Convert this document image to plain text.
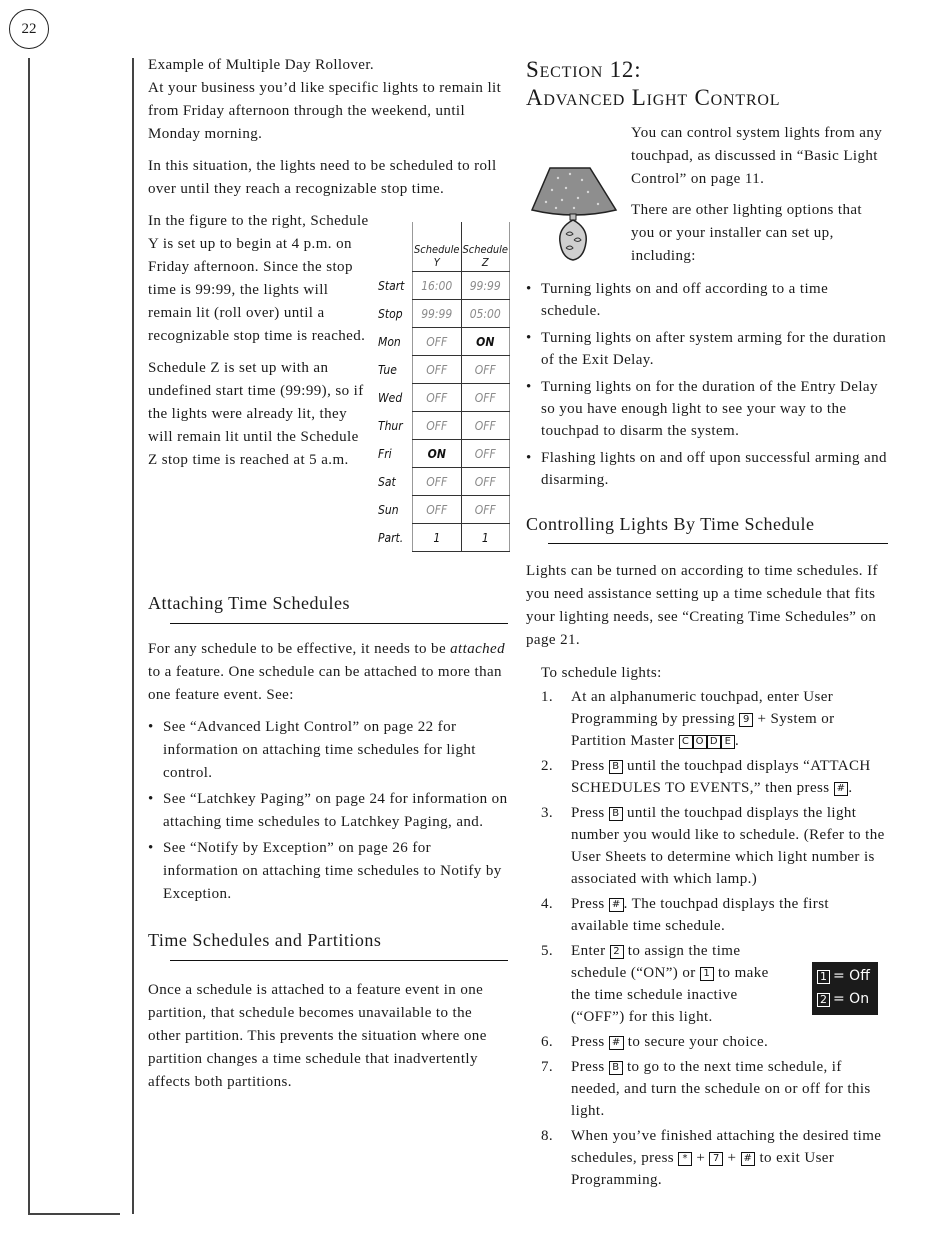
22

Example of Multiple Day Rollover.

At your business you’d like specific lights to remain lit from Friday afternoon through the weekend, until Monday morning.

In this situation, the lights need to be scheduled to roll over until they reach a recognizable stop time.

In the figure to the right, Schedule Y is set up to begin at 4 p.m. on Friday afternoon. Since the stop time is 99:99, the lights will remain lit (roll over) until a recognizable stop time is reached.

Schedule Z is set up with an undefined start time (99:99), so if the lights were already lit, they will remain lit until the Schedule Z stop time is reached at 5 a.m.

Attaching Time Schedules

For any schedule to be effective, it needs to be attached to a feature. One schedule can be attached to more than one feature event. See:

• See “Advanced Light Control” on page 22 for information on attaching time schedules for light control.
• See “Latchkey Paging” on page 24 for information on attaching time schedules to Latchkey Paging, and.
• See “Notify by Exception” on page 26 for information on attaching time schedules to Notify by Exception.
Time Schedules and Partitions

Once a schedule is attached to a feature event in one partition, that schedule becomes unavailable to the other partition. This prevents the situation where one partition changes a time schedule that inadvertently affects both partitions.

	Schedule Y	Schedule Z
Start	16:00	99:99
Stop	99:99	05:00
Mon	OFF	ON
Tue	OFF	OFF
Wed	OFF	OFF
Thur	OFF	OFF
Fri	ON	OFF
Sat	OFF	OFF
Sun	OFF	OFF
Part.	1	1

Section 12:

Advanced Light Control

You can control system lights from any touchpad, as discussed in “Basic Light Control” on page 11.

There are other lighting options that you or your installer can set up, including:

• Turning lights on and off according to a time schedule.
• Turning lights on after system arming for the duration of the Exit Delay.
• Turning lights on for the duration of the Entry Delay so you have enough light to see your way to the touchpad to disarm the system.
• Flashing lights on and off upon successful arming and disarming.
Controlling Lights By Time Schedule

Lights can be turned on according to time schedules. If you need assistance setting up a time schedule that fits your lighting needs, see “Creating Time Schedules” on page 21.

To schedule lights:

1. At an alphanumeric touchpad, enter User Programming by pressing 9 + System or Partition Master C O D E .
2. Press B until the touchpad displays “ATTACH SCHEDULES TO EVENTS,” then press # .
3. Press B until the touchpad displays the light number you would like to schedule. (Refer to the User Sheets to determine which light number is associated with which lamp.)
4. Press # . The touchpad displays the first available time schedule.
5. Enter 2 to assign the time schedule (“ON”) or 1 to make the time schedule inactive (“OFF”) for this light.
6. Press # to secure your choice.
7. Press B to go to the next time schedule, if needed, and turn the schedule on or off for this light.
8. When you’ve finished attaching the desired time schedules, press * + 7 + # to exit User Programming.
1 = Off
2 = On
